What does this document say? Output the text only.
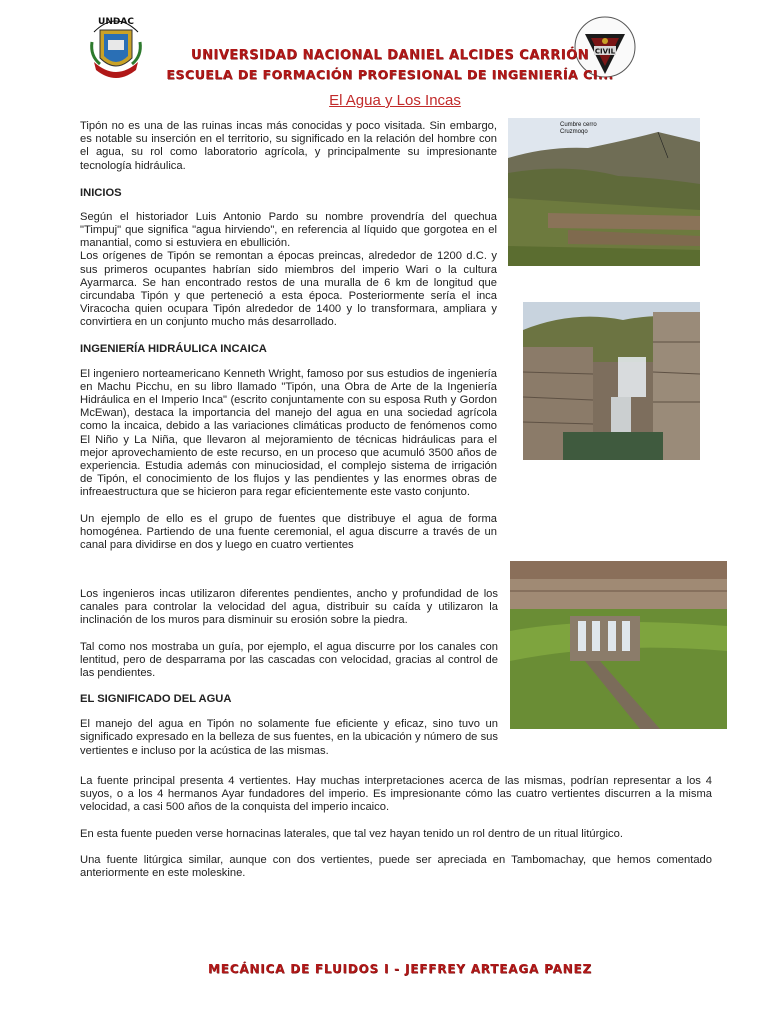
UNDAC
CIVIL
UNIVERSIDAD NACIONAL DANIEL ALCIDES CARRIÓN
ESCUELA DE FORMACIÓN PROFESIONAL DE INGENIERÍA CI...
El Agua y Los Incas

Tipón no es una de las ruinas incas más conocidas y poco visitada. Sin embargo, es notable su inserción en el territorio, su significado en la relación del hombre con el agua, su rol como laboratorio agrícola, y principalmente su impresionante tecnología hidráulica.

INICIOS

Según el historiador Luis Antonio Pardo su nombre provendría del quechua "Timpuj" que significa "agua hirviendo", en referencia al líquido que gorgotea en el manantial, como si estuviera en ebullición.

Los orígenes de Tipón se remontan a épocas preincas, alrededor de 1200 d.C. y sus primeros ocupantes habrían sido miembros del imperio Wari o la cultura Ayarmarca. Se han encontrado restos de una muralla de 6 km de longitud que circundaba Tipón y que perteneció a esta época. Posteriormente sería el inca Viracocha quien ocupara Tipón alrededor de 1400 y lo transformara, ampliara y convirtiera en un conjunto mucho más desarrollado.

INGENIERÍA HIDRÁULICA INCAICA

El ingeniero norteamericano Kenneth Wright, famoso por sus estudios de ingeniería en Machu Picchu, en su libro llamado "Tipón, una Obra de Arte de la Ingeniería Hidráulica en el Imperio Inca" (escrito conjuntamente con su esposa Ruth y Gordon McEwan), destaca la importancia del manejo del agua en una sociedad agrícola como la incaica, debido a las variaciones climáticas producto de fenómenos como El Niño y La Niña, que llevaron al mejoramiento de técnicas hidráulicas para el mejor aprovechamiento de este recurso, en un proceso que acumuló 3500 años de experiencia. Estudia además con minuciosidad, el complejo sistema de irrigación de Tipón, el conocimiento de los flujos y las pendientes y las enormes obras de infreaestructura que se hicieron para regar eficientemente este vasto conjunto.

Un ejemplo de ello es el grupo de fuentes que distribuye el agua de forma homogénea. Partiendo de una fuente ceremonial, el agua discurre a través de un canal para dividirse en dos y luego en cuatro vertientes

Los ingenieros incas utilizaron diferentes pendientes, ancho y profundidad de los canales para controlar la velocidad del agua, distribuir su caída y utilizaron la inclinación de los muros para disminuir su erosión sobre la piedra.

Tal como nos mostraba un guía, por ejemplo, el agua discurre por los canales con lentitud, pero de desparrama por las cascadas con velocidad, gracias al control de las pendientes.

EL SIGNIFICADO DEL AGUA

El manejo del agua en Tipón no solamente fue eficiente y eficaz, sino tuvo un significado expresado en la belleza de sus fuentes, en la ubicación y número de sus vertientes e incluso por la acústica de las mismas.

La fuente principal presenta 4 vertientes. Hay muchas interpretaciones acerca de las mismas, podrían representar a los 4 suyos, o a los 4 hermanos Ayar fundadores del imperio. Es impresionante cómo las cuatro vertientes discurren a la misma velocidad, a casi 500 años de la conquista del imperio incaico.

En esta fuente pueden verse hornacinas laterales, que tal vez hayan tenido un rol dentro de un ritual litúrgico.

Una fuente litúrgica similar, aunque con dos vertientes, puede ser apreciada en Tambomachay, que hemos comentado anteriormente en este moleskine.

Cumbre cerro Cruzmoqo
MECÁNICA DE FLUIDOS I - JEFFREY ARTEAGA PANEZ
